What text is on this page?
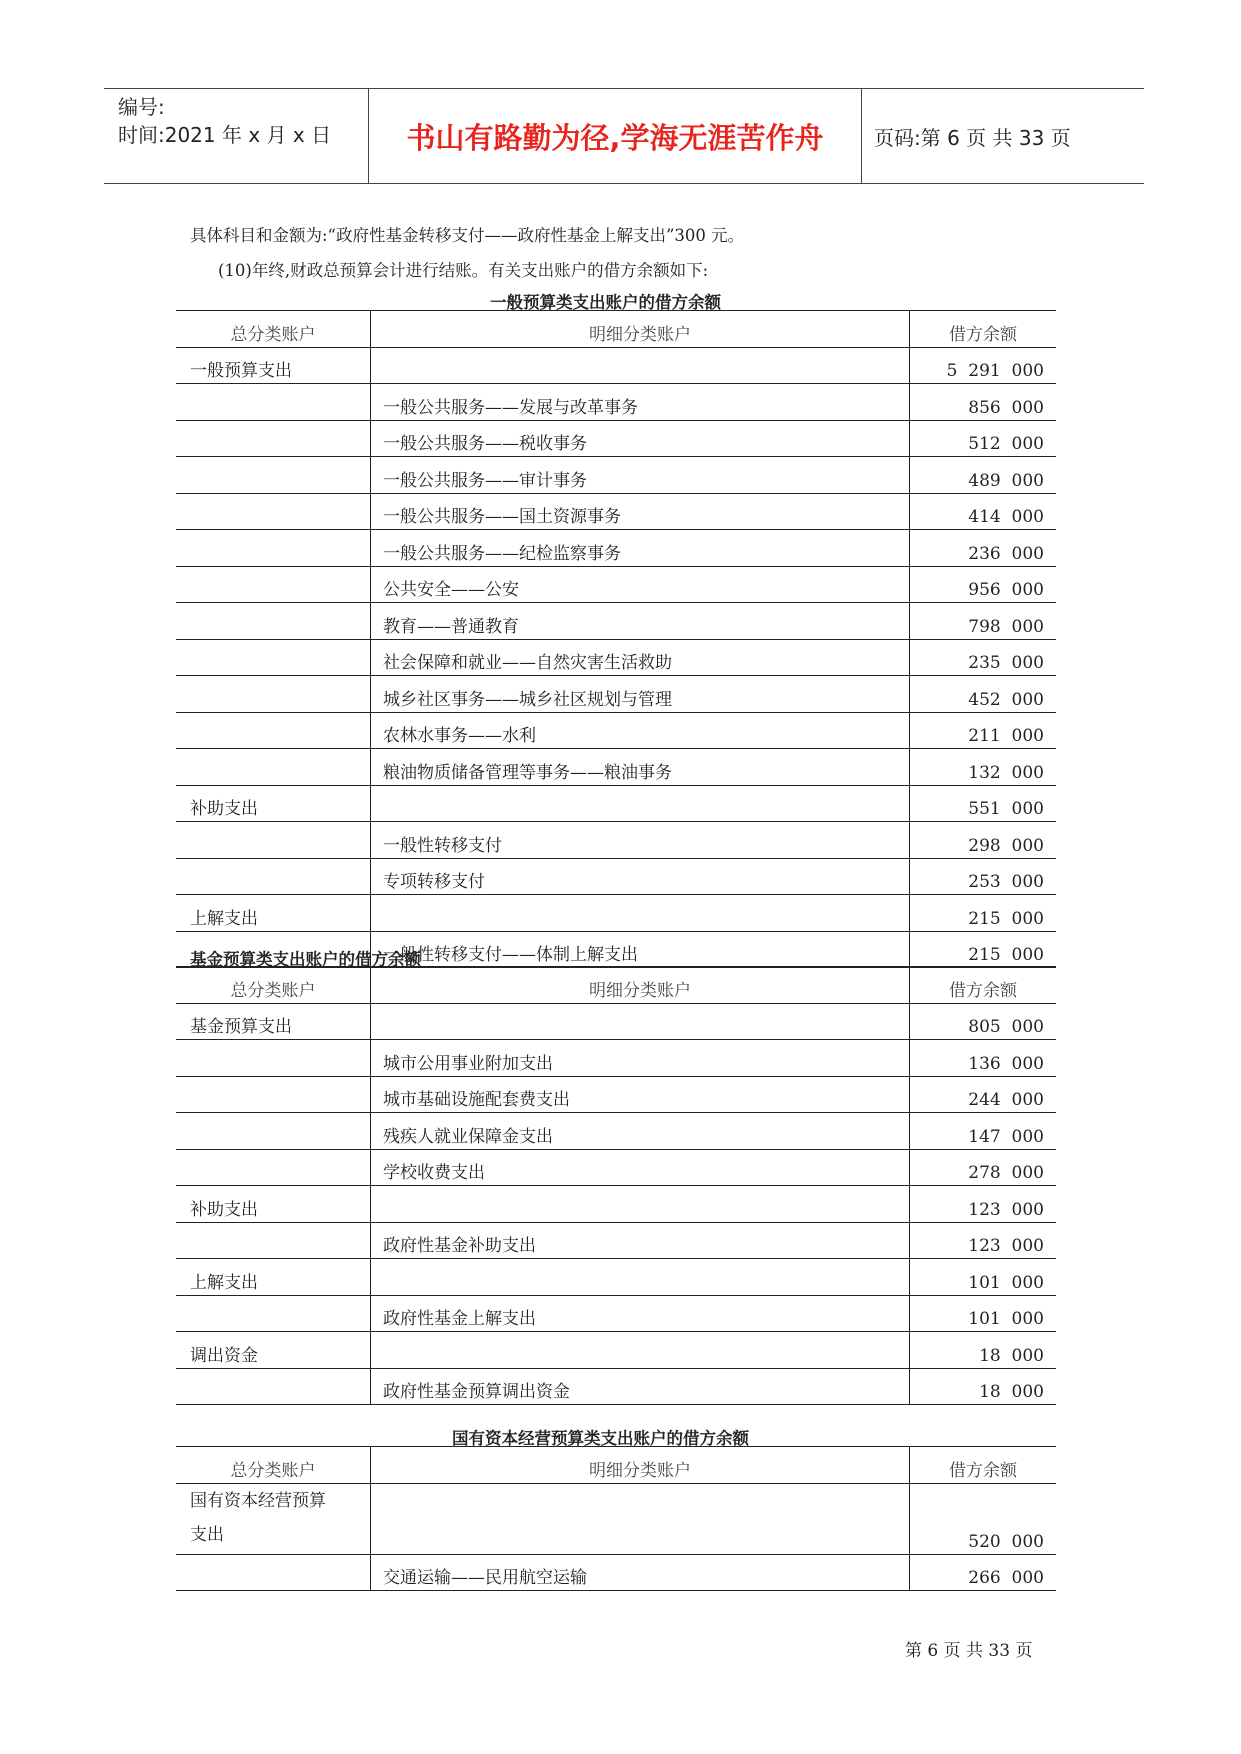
编号:
时间:2021 年 x 月 x 日	书山有路勤为径,学海无涯苦作舟	页码:第 6 页 共 33 页
具体科目和金额为:“政府性基金转移支付——政府性基金上解支出”300 元。
(10)年终,财政总预算会计进行结账。有关支出账户的借方余额如下:
一般预算类支出账户的借方余额
总分类账户	明细分类账户	借方余额
一般预算支出		5  291  000
	一般公共服务——发展与改革事务	856  000
	一般公共服务——税收事务	512  000
	一般公共服务——审计事务	489  000
	一般公共服务——国土资源事务	414  000
	一般公共服务——纪检监察事务	236  000
	公共安全——公安	956  000
	教育——普通教育	798  000
	社会保障和就业——自然灾害生活救助	235  000
	城乡社区事务——城乡社区规划与管理	452  000
	农林水事务——水利	211  000
	粮油物质储备管理等事务——粮油事务	132  000
补助支出		551  000
	一般性转移支付	298  000
	专项转移支付	253  000
上解支出		215  000
	一般性转移支付——体制上解支出	215  000
基金预算类支出账户的借方余额
总分类账户	明细分类账户	借方余额
基金预算支出		805  000
	城市公用事业附加支出	136  000
	城市基础设施配套费支出	244  000
	残疾人就业保障金支出	147  000
	学校收费支出	278  000
补助支出		123  000
	政府性基金补助支出	123  000
上解支出		101  000
	政府性基金上解支出	101  000
调出资金		18  000
	政府性基金预算调出资金	18  000
国有资本经营预算类支出账户的借方余额
总分类账户	明细分类账户	借方余额

国有资本经营预算
支出		520  000
	交通运输——民用航空运输	266  000
第 6 页 共 33 页
